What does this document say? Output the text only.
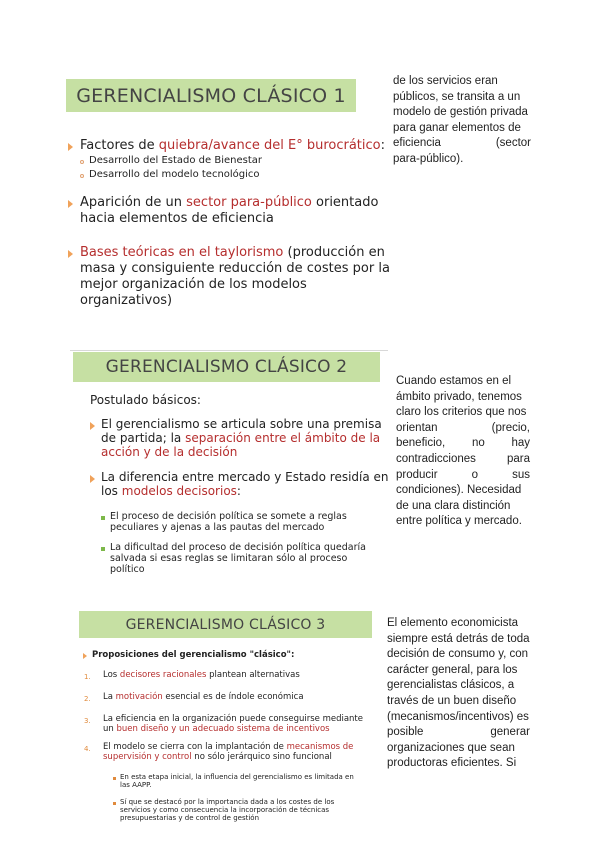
GERENCIALISMO CLÁSICO 1
Factores de quiebra/avance del E° burocrático:
Desarrollo del Estado de Bienestar
Desarrollo del modelo tecnológico
Aparición de un sector para-público orientado
hacia elementos de eficiencia
Bases teóricas en el taylorismo (producción en
masa y consiguiente reducción de costes por la
mejor organización de los modelos
organizativos)
de los servicios eran
públicos, se transita a un
modelo de gestión privada
para ganar elementos de
eficiencia	(sector
para-público).
GERENCIALISMO CLÁSICO 2
Postulado básicos:
El gerencialismo se articula sobre una premisa
de partida; la separación entre el ámbito de la
acción y de la decisión
La diferencia entre mercado y Estado residía en
los modelos decisorios:
El proceso de decisión política se somete a reglas
peculiares y ajenas a las pautas del mercado
La dificultad del proceso de decisión política quedaría
salvada si esas reglas se limitaran sólo al proceso
político
Cuando estamos en el
ámbito privado, tenemos
claro los criterios que nos
orientan	(precio,
beneficio, no hay
contradicciones	para
producir	o	sus
condiciones). Necesidad
de una clara distinción
entre política y mercado.
GERENCIALISMO CLÁSICO 3
Proposiciones del gerencialismo "clásico":
1. Los decisores racionales plantean alternativas
2. La motivación esencial es de índole económica
3. La eficiencia en la organización puede conseguirse mediante
un buen diseño y un adecuado sistema de incentivos
4. El modelo se cierra con la implantación de mecanismos de
supervisión y control no sólo jerárquico sino funcional
En esta etapa inicial, la influencia del gerencialismo es limitada en
las AAPP.
Sí que se destacó por la importancia dada a los costes de los
servicios y como consecuencia la incorporación de técnicas
presupuestarias y de control de gestión
El elemento economicista
siempre está detrás de toda
decisión de consumo y, con
carácter general, para los
gerencialistas clásicos, a
través de un buen diseño
(mecanismos/incentivos) es
posible	generar
organizaciones que sean
productoras eficientes. Si
